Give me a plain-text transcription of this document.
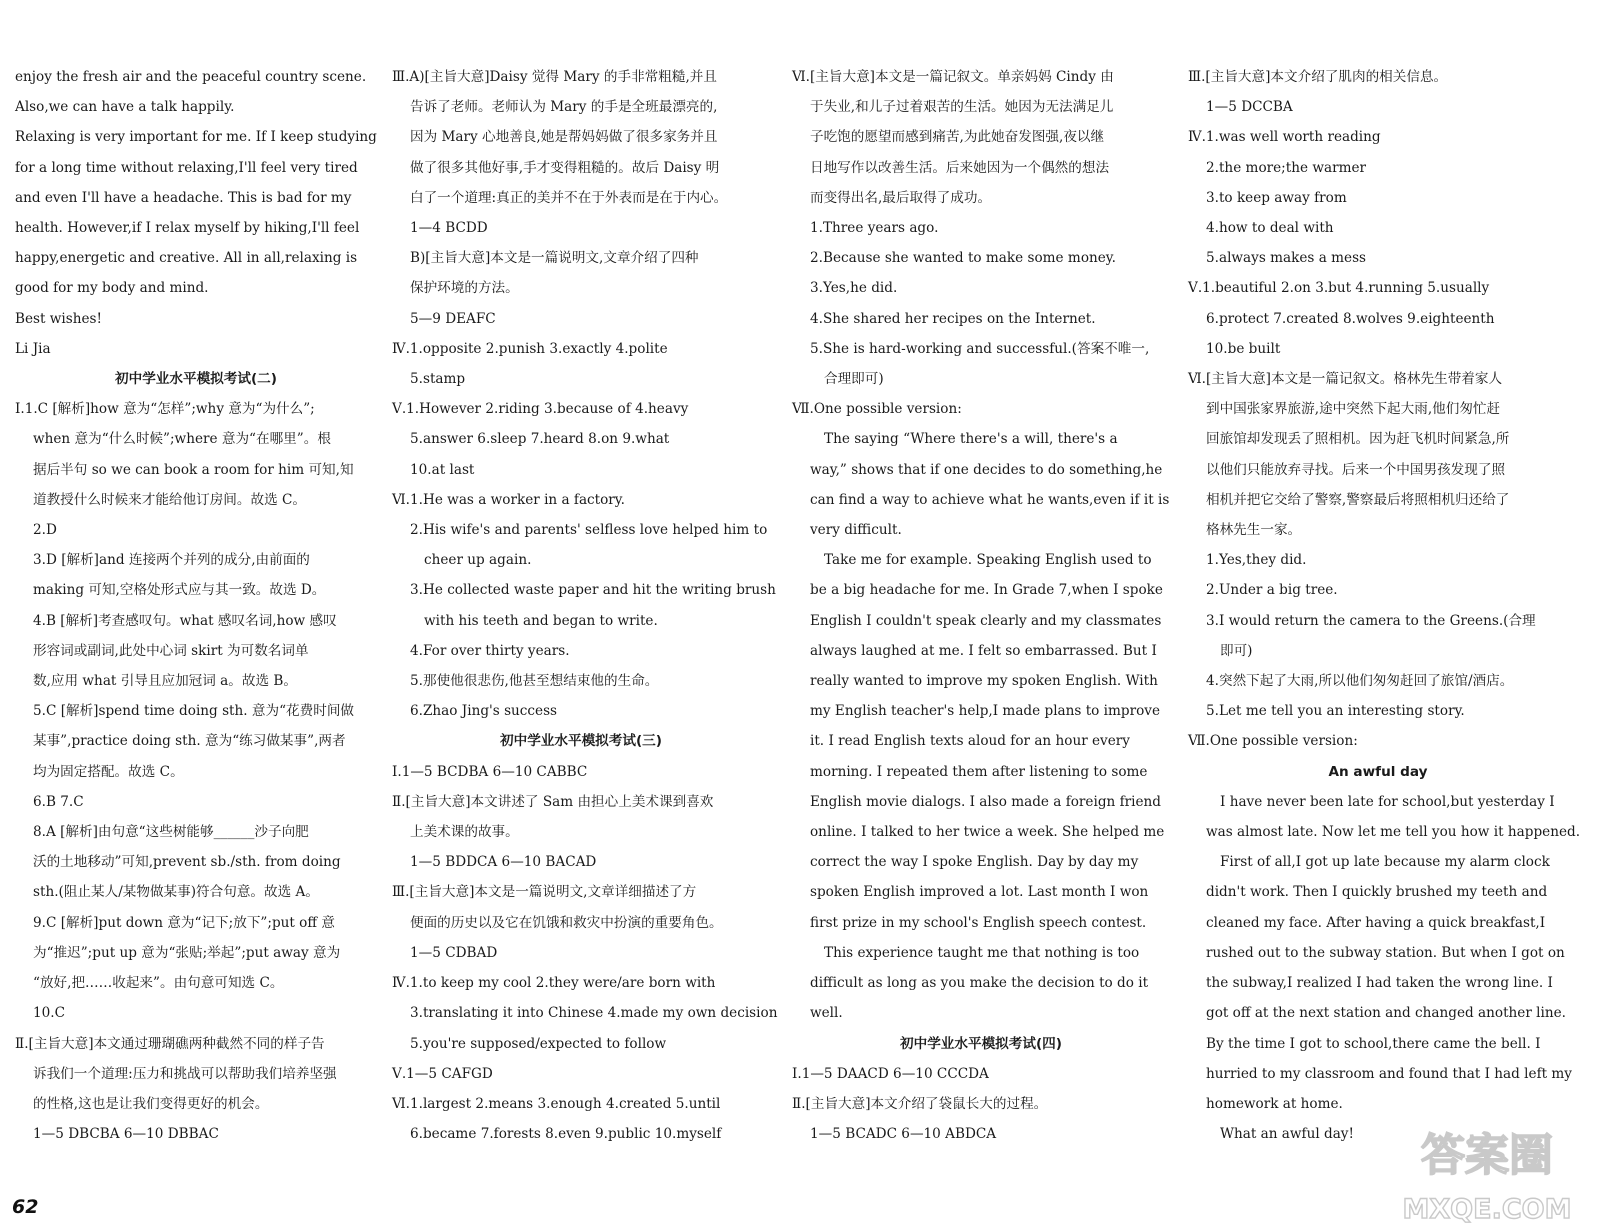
enjoy the fresh air and the peaceful country scene.

Also,we can have a talk happily.

Relaxing is very important for me. If I keep studying

for a long time without relaxing,I'll feel very tired

and even I'll have a headache. This is bad for my

health. However,if I relax myself by hiking,I'll feel

happy,energetic and creative. All in all,relaxing is

good for my body and mind.

Best wishes!

Li Jia

初中学业水平模拟考试(二)

Ⅰ.1.C [解析]how 意为“怎样”;why 意为“为什么”;

when 意为“什么时候”;where 意为“在哪里”。根

据后半句 so we can book a room for him 可知,知

道教授什么时候来才能给他订房间。故选 C。

2.D

3.D [解析]and 连接两个并列的成分,由前面的

making 可知,空格处形式应与其一致。故选 D。

4.B [解析]考查感叹句。what 感叹名词,how 感叹

形容词或副词,此处中心词 skirt 为可数名词单

数,应用 what 引导且应加冠词 a。故选 B。

5.C [解析]spend time doing sth. 意为“花费时间做

某事”,practice doing sth. 意为“练习做某事”,两者

均为固定搭配。故选 C。

6.B 7.C

8.A [解析]由句意“这些树能够______沙子向肥

沃的土地移动”可知,prevent sb./sth. from doing

sth.(阻止某人/某物做某事)符合句意。故选 A。

9.C [解析]put down 意为“记下;放下”;put off 意

为“推迟”;put up 意为“张贴;举起”;put away 意为

“放好,把……收起来”。由句意可知选 C。

10.C

Ⅱ.[主旨大意]本文通过珊瑚礁两种截然不同的样子告

诉我们一个道理:压力和挑战可以帮助我们培养坚强

的性格,这也是让我们变得更好的机会。

1—5 DBCBA 6—10 DBBAC

Ⅲ.A)[主旨大意]Daisy 觉得 Mary 的手非常粗糙,并且

告诉了老师。老师认为 Mary 的手是全班最漂亮的,

因为 Mary 心地善良,她是帮妈妈做了很多家务并且

做了很多其他好事,手才变得粗糙的。故后 Daisy 明

白了一个道理:真正的美并不在于外表而是在于内心。

1—4 BCDD

B)[主旨大意]本文是一篇说明文,文章介绍了四种

保护环境的方法。

5—9 DEAFC

Ⅳ.1.opposite 2.punish 3.exactly 4.polite

5.stamp

Ⅴ.1.However 2.riding 3.because of 4.heavy

5.answer 6.sleep 7.heard 8.on 9.what

10.at last

Ⅵ.1.He was a worker in a factory.

2.His wife's and parents' selfless love helped him to

cheer up again.

3.He collected waste paper and hit the writing brush

with his teeth and began to write.

4.For over thirty years.

5.那使他很悲伤,他甚至想结束他的生命。

6.Zhao Jing's success

初中学业水平模拟考试(三)

Ⅰ.1—5 BCDBA 6—10 CABBC

Ⅱ.[主旨大意]本文讲述了 Sam 由担心上美术课到喜欢

上美术课的故事。

1—5 BDDCA 6—10 BACAD

Ⅲ.[主旨大意]本文是一篇说明文,文章详细描述了方

便面的历史以及它在饥饿和救灾中扮演的重要角色。

1—5 CDBAD

Ⅳ.1.to keep my cool 2.they were/are born with

3.translating it into Chinese 4.made my own decision

5.you're supposed/expected to follow

Ⅴ.1—5 CAFGD

Ⅵ.1.largest 2.means 3.enough 4.created 5.until

6.became 7.forests 8.even 9.public 10.myself

Ⅵ.[主旨大意]本文是一篇记叙文。单亲妈妈 Cindy 由

于失业,和儿子过着艰苦的生活。她因为无法满足儿

子吃饱的愿望而感到痛苦,为此她奋发图强,夜以继

日地写作以改善生活。后来她因为一个偶然的想法

而变得出名,最后取得了成功。

1.Three years ago.

2.Because she wanted to make some money.

3.Yes,he did.

4.She shared her recipes on the Internet.

5.She is hard-working and successful.(答案不唯一,

合理即可)

Ⅶ.One possible version:

The saying “Where there's a will, there's a

way,” shows that if one decides to do something,he

can find a way to achieve what he wants,even if it is

very difficult.

Take me for example. Speaking English used to

be a big headache for me. In Grade 7,when I spoke

English I couldn't speak clearly and my classmates

always laughed at me. I felt so embarrassed. But I

really wanted to improve my spoken English. With

my English teacher's help,I made plans to improve

it. I read English texts aloud for an hour every

morning. I repeated them after listening to some

English movie dialogs. I also made a foreign friend

online. I talked to her twice a week. She helped me

correct the way I spoke English. Day by day my

spoken English improved a lot. Last month I won

first prize in my school's English speech contest.

This experience taught me that nothing is too

difficult as long as you make the decision to do it

well.

初中学业水平模拟考试(四)

Ⅰ.1—5 DAACD 6—10 CCCDA

Ⅱ.[主旨大意]本文介绍了袋鼠长大的过程。

1—5 BCADC 6—10 ABDCA

Ⅲ.[主旨大意]本文介绍了肌肉的相关信息。

1—5 DCCBA

Ⅳ.1.was well worth reading

2.the more;the warmer

3.to keep away from

4.how to deal with

5.always makes a mess

Ⅴ.1.beautiful 2.on 3.but 4.running 5.usually

6.protect 7.created 8.wolves 9.eighteenth

10.be built

Ⅵ.[主旨大意]本文是一篇记叙文。格林先生带着家人

到中国张家界旅游,途中突然下起大雨,他们匆忙赶

回旅馆却发现丢了照相机。因为赶飞机时间紧急,所

以他们只能放弃寻找。后来一个中国男孩发现了照

相机并把它交给了警察,警察最后将照相机归还给了

格林先生一家。

1.Yes,they did.

2.Under a big tree.

3.I would return the camera to the Greens.(合理

即可)

4.突然下起了大雨,所以他们匆匆赶回了旅馆/酒店。

5.Let me tell you an interesting story.

Ⅶ.One possible version:

An awful day

I have never been late for school,but yesterday I

was almost late. Now let me tell you how it happened.

First of all,I got up late because my alarm clock

didn't work. Then I quickly brushed my teeth and

cleaned my face. After having a quick breakfast,I

rushed out to the subway station. But when I got on

the subway,I realized I had taken the wrong line. I

got off at the next station and changed another line.

By the time I got to school,there came the bell. I

hurried to my classroom and found that I had left my

homework at home.

What an awful day!

62
答案圈
MXQE.COM
